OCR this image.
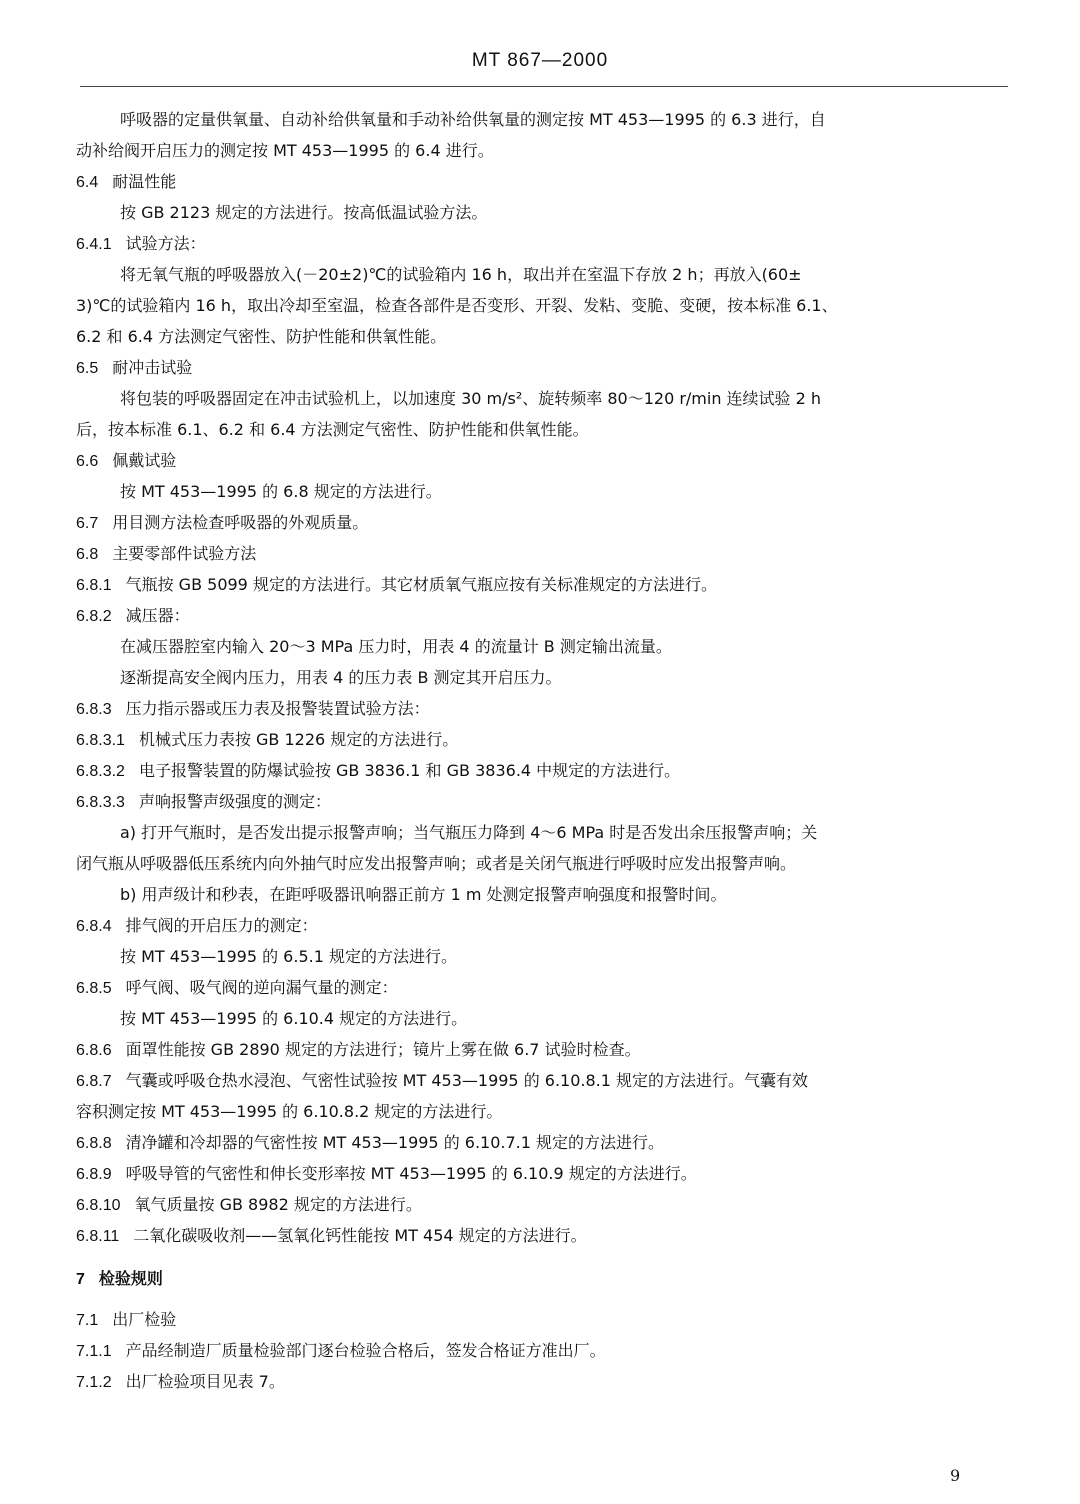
MT 867—2000
呼吸器的定量供氧量、自动补给供氧量和手动补给供氧量的测定按 MT 453—1995 的 6.3 进行，自
动补给阀开启压力的测定按 MT 453—1995 的 6.4 进行。
6.4 耐温性能
按 GB 2123 规定的方法进行。按高低温试验方法。
6.4.1 试验方法：
将无氧气瓶的呼吸器放入(－20±2)℃的试验箱内 16 h，取出并在室温下存放 2 h；再放入(60±
3)℃的试验箱内 16 h，取出冷却至室温，检查各部件是否变形、开裂、发粘、变脆、变硬，按本标准 6.1、
6.2 和 6.4 方法测定气密性、防护性能和供氧性能。
6.5 耐冲击试验
将包装的呼吸器固定在冲击试验机上，以加速度 30 m/s²、旋转频率 80～120 r/min 连续试验 2 h
后，按本标准 6.1、6.2 和 6.4 方法测定气密性、防护性能和供氧性能。
6.6 佩戴试验
按 MT 453—1995 的 6.8 规定的方法进行。
6.7 用目测方法检查呼吸器的外观质量。
6.8 主要零部件试验方法
6.8.1 气瓶按 GB 5099 规定的方法进行。其它材质氧气瓶应按有关标准规定的方法进行。
6.8.2 减压器：
在减压器腔室内输入 20～3 MPa 压力时，用表 4 的流量计 B 测定输出流量。
逐渐提高安全阀内压力，用表 4 的压力表 B 测定其开启压力。
6.8.3 压力指示器或压力表及报警装置试验方法：
6.8.3.1 机械式压力表按 GB 1226 规定的方法进行。
6.8.3.2 电子报警装置的防爆试验按 GB 3836.1 和 GB 3836.4 中规定的方法进行。
6.8.3.3 声响报警声级强度的测定：
a) 打开气瓶时，是否发出提示报警声响；当气瓶压力降到 4～6 MPa 时是否发出余压报警声响；关
闭气瓶从呼吸器低压系统内向外抽气时应发出报警声响；或者是关闭气瓶进行呼吸时应发出报警声响。
b) 用声级计和秒表，在距呼吸器讯响器正前方 1 m 处测定报警声响强度和报警时间。
6.8.4 排气阀的开启压力的测定：
按 MT 453—1995 的 6.5.1 规定的方法进行。
6.8.5 呼气阀、吸气阀的逆向漏气量的测定：
按 MT 453—1995 的 6.10.4 规定的方法进行。
6.8.6 面罩性能按 GB 2890 规定的方法进行；镜片上雾在做 6.7 试验时检查。
6.8.7 气囊或呼吸仓热水浸泡、气密性试验按 MT 453—1995 的 6.10.8.1 规定的方法进行。气囊有效
容积测定按 MT 453—1995 的 6.10.8.2 规定的方法进行。
6.8.8 清净罐和冷却器的气密性按 MT 453—1995 的 6.10.7.1 规定的方法进行。
6.8.9 呼吸导管的气密性和伸长变形率按 MT 453—1995 的 6.10.9 规定的方法进行。
6.8.10 氧气质量按 GB 8982 规定的方法进行。
6.8.11 二氧化碳吸收剂——氢氧化钙性能按 MT 454 规定的方法进行。
7 检验规则
7.1 出厂检验
7.1.1 产品经制造厂质量检验部门逐台检验合格后，签发合格证方准出厂。
7.1.2 出厂检验项目见表 7。
9
